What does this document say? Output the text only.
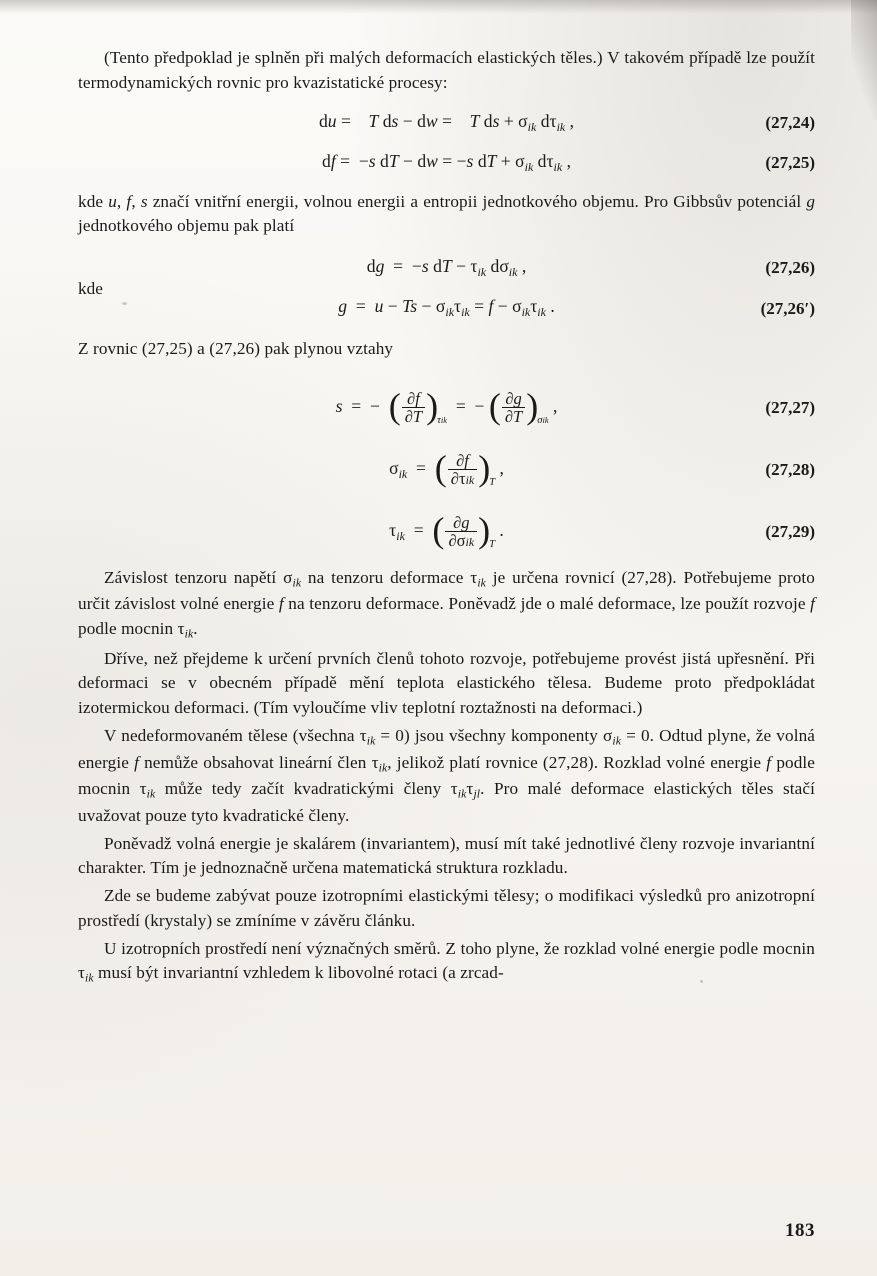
(Tento předpoklad je splněn při malých deformacích elastických těles.) V takovém případě lze použít termodynamických rovnic pro kvazistatické procesy:

du =    T ds − dw =    T ds + $\sigma_{ik}$ $d\tau_{ik}$ ,	(27,24)
df =  −s dT − dw = −s dT + $\sigma_{ik}$ $d\tau_{ik}$ ,	(27,25)

kde u, f, s značí vnitřní energii, volnou energii a entropii jednotkového objemu. Pro Gibbsův potenciál g jednotkového objemu pak platí

dg  =  −s dT − $\tau_{ik}$ $d\sigma_{ik}$ ,	(27,26)
kde
$g = u - Ts - \sigma_{ik}\tau_{ik} = f - \sigma_{ik}\tau_{ik}$ .	(27,26′)

Z rovnic (27,25) a (27,26) pak plynou vztahy

s  =  −  ( $\frac{\partial f}{\partial T} )\tau ik$  =  − ( $\frac{\partial g}{\partial T} )\sigma ik$ ,	(27,27)
$\sigma_{ik}$  =  ( $\frac{\partial f}{\text{∂τik}} )T$ ,	(27,28)
$\tau_{ik}$  =  ( $\frac{\partial g}{\text{∂σik}} )T$ .	(27,29)

Závislost tenzoru napětí $\sigma_{ik}$ na tenzoru deformace $\tau_{ik}$ je určena rovnicí (27,28). Potřebujeme proto určit závislost volné energie f na tenzoru deformace. Poněvadž jde o malé deformace, lze použít rozvoje f podle mocnin $\tau_{ik}$.

Dříve, než přejdeme k určení prvních členů tohoto rozvoje, potřebujeme provést jistá upřesnění. Při deformaci se v obecném případě mění teplota elastického tělesa. Budeme proto předpokládat izotermickou deformaci. (Tím vyloučíme vliv teplotní roztažnosti na deformaci.)

V nedeformovaném tělese (všechna $\tau_{ik} = 0$) jsou všechny komponenty $\sigma_{ik} = 0$. Odtud plyne, že volná energie f nemůže obsahovat lineární člen $\tau_{ik}$, jelikož platí rovnice (27,28). Rozklad volné energie f podle mocnin $\tau_{ik}$ může tedy začít kvadratickými členy $\tau_{ik}\tau_{jl}$. Pro malé deformace elastických těles stačí uvažovat pouze tyto kvadratické členy.

Poněvadž volná energie je skalárem (invariantem), musí mít také jednotlivé členy rozvoje invariantní charakter. Tím je jednoznačně určena matematická struktura rozkladu.

Zde se budeme zabývat pouze izotropními elastickými tělesy; o modifikaci výsledků pro anizotropní prostředí (krystaly) se zmíníme v závěru článku.

U izotropních prostředí není význačných směrů. Z toho plyne, že rozklad volné energie podle mocnin $\tau_{ik}$ musí být invariantní vzhledem k libovolné rotaci (a zrcad-

183
